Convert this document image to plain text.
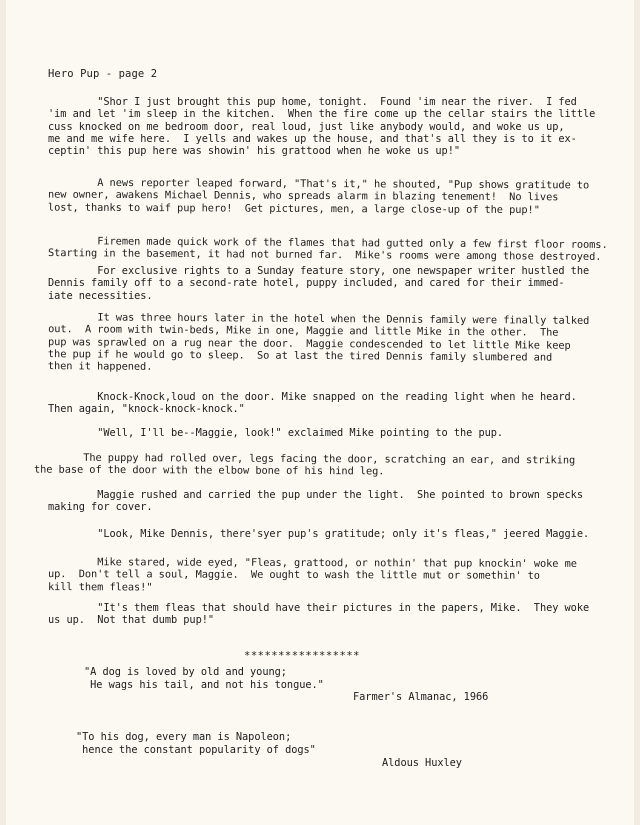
Hero Pup - page 2

"Shor I just brought this pup home, tonight.  Found 'im near the river.  I fed
'im and let 'im sleep in the kitchen.  When the fire come up the cellar stairs the little
cuss knocked on me bedroom door, real loud, just like anybody would, and woke us up,
me and me wife here.  I yells and wakes up the house, and that's all they is to it ex-
ceptin' this pup here was showin' his grattood when he woke us up!"

A news reporter leaped forward, "That's it," he shouted, "Pup shows gratitude to
new owner, awakens Michael Dennis, who spreads alarm in blazing tenement!  No lives
lost, thanks to waif pup hero!  Get pictures, men, a large close-up of the pup!"

Firemen made quick work of the flames that had gutted only a few first floor rooms.
Starting in the basement, it had not burned far.  Mike's rooms were among those destroyed.

For exclusive rights to a Sunday feature story, one newspaper writer hustled the
Dennis family off to a second-rate hotel, puppy included, and cared for their immed-
iate necessities.

It was three hours later in the hotel when the Dennis family were finally talked
out.  A room with twin-beds, Mike in one, Maggie and little Mike in the other.  The
pup was sprawled on a rug near the door.  Maggie condescended to let little Mike keep
the pup if he would go to sleep.  So at last the tired Dennis family slumbered and
then it happened.

Knock-Knock,loud on the door. Mike snapped on the reading light when he heard.
Then again, "knock-knock-knock."

"Well, I'll be--Maggie, look!" exclaimed Mike pointing to the pup.

The puppy had rolled over, legs facing the door, scratching an ear, and striking
the base of the door with the elbow bone of his hind leg.

Maggie rushed and carried the pup under the light.  She pointed to brown specks
making for cover.

"Look, Mike Dennis, there'syer pup's gratitude; only it's fleas," jeered Maggie.

Mike stared, wide eyed, "Fleas, grattood, or nothin' that pup knockin' woke me
up.  Don't tell a soul, Maggie.  We ought to wash the little mut or somethin' to
kill them fleas!"

"It's them fleas that should have their pictures in the papers, Mike.  They woke
us up.  Not that dumb pup!"

*****************
"A dog is loved by old and young;
He wags his tail, and not his tongue."
Farmer's Almanac, 1966
"To his dog, every man is Napoleon;
hence the constant popularity of dogs"
Aldous Huxley
